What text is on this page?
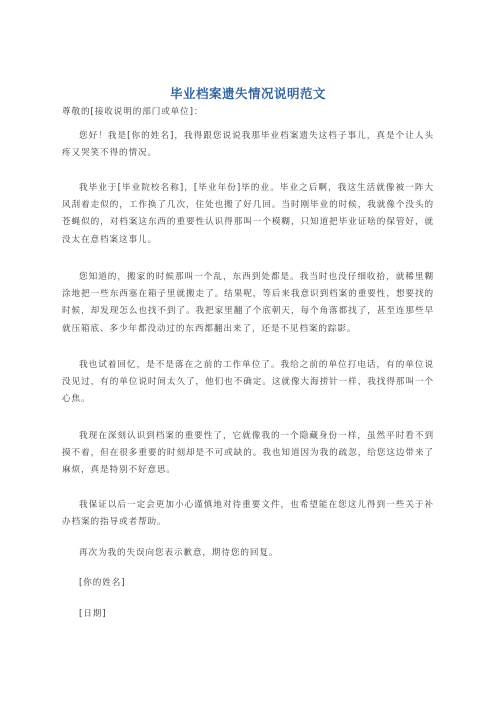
毕业档案遗失情况说明范文

尊敬的[接收说明的部门或单位]：

您好！我是[你的姓名]，我得跟您说说我那毕业档案遗失这档子事儿，真是个让人头疼又哭笑不得的情况。

我毕业于[毕业院校名称]，[毕业年份]毕的业。毕业之后啊，我这生活就像被一阵大风刮着走似的，工作换了几次，住处也搬了好几回。当时刚毕业的时候，我就像个没头的苍蝇似的，对档案这东西的重要性认识得那叫一个模糊，只知道把毕业证啥的保管好，就没太在意档案这事儿。

您知道的，搬家的时候那叫一个乱，东西到处都是。我当时也没仔细收拾，就稀里糊涂地把一些东西塞在箱子里就搬走了。结果呢，等后来我意识到档案的重要性，想要找的时候，却发现怎么也找不到了。我把家里翻了个底朝天，每个角落都找了，甚至连那些早就压箱底、多少年都没动过的东西都翻出来了，还是不见档案的踪影。

我也试着回忆，是不是落在之前的工作单位了。我给之前的单位打电话，有的单位说没见过，有的单位说时间太久了，他们也不确定。这就像大海捞针一样，我找得那叫一个心焦。

我现在深刻认识到档案的重要性了，它就像我的一个隐藏身份一样，虽然平时看不到摸不着，但在很多重要的时刻却是不可或缺的。我也知道因为我的疏忽，给您这边带来了麻烦，真是特别不好意思。

我保证以后一定会更加小心谨慎地对待重要文件，也希望能在您这儿得到一些关于补办档案的指导或者帮助。

再次为我的失误向您表示歉意，期待您的回复。

[你的姓名]

[日期]
